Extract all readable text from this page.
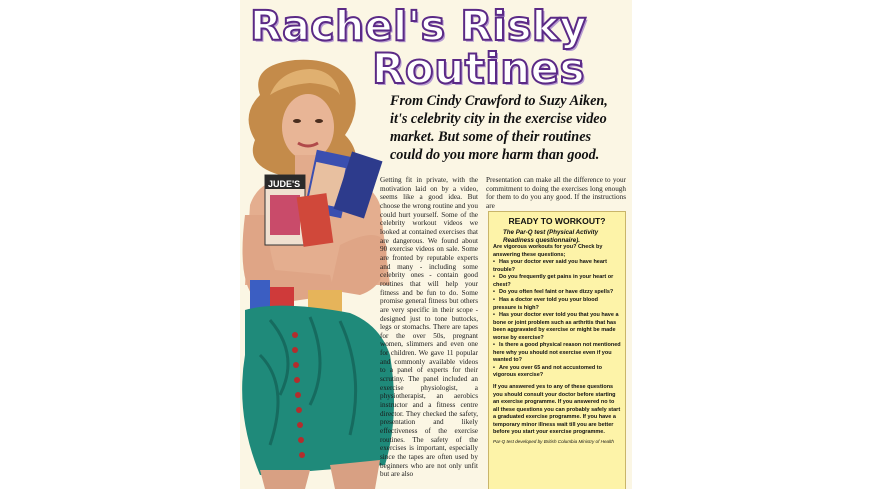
Rachel's Risky
Routines
From Cindy Crawford to Suzy Aiken, it's celebrity city in the exercise video market. But some of their routines could do you more harm than good.
JUDE'S	Getting fit in private, with the motivation laid on by a video, seems like a good idea. But choose the wrong routine and you could hurt yourself. Some of the celebrity workout videos we looked at contained exercises that are dangerous. We found about 90 exercise videos on sale. Some are fronted by reputable experts and many - including some celebrity ones - contain good routines that will help your fitness and be fun to do. Some promise general fitness but others are very specific in their scope - designed just to tone buttocks, legs or stomachs. There are tapes for the over 50s, pregnant women, slimmers and even one for children. We gave 11 popular and commonly available videos to a panel of experts for their scrutiny. The panel included an exercise physiologist, a physiotherapist, an aerobics instructor and a fitness centre director. They checked the safety, presentation and likely effectiveness of the exercise routines. The safety of the exercises is important, especially since the tapes are often used by beginners who are not only unfit but are also
Presentation can make all the difference to your commitment to doing the exercises long enough for them to do you any good. If the instructions are
READY TO WORKOUT?
The Par-Q test (Physical Activity Readiness questionnaire).
Are vigorous workouts for you? Check by answering these questions;
• Has your doctor ever said you have heart trouble?
• Do you frequently get pains in your heart or chest?
• Do you often feel faint or have dizzy spells?
• Has a doctor ever told you your blood pressure is high?
• Has your doctor ever told you that you have a bone or joint problem such as arthritis that has been aggravated by exercise or might be made worse by exercise?
• Is there a good physical reason not mentioned here why you should not exercise even if you wanted to?
• Are you over 65 and not accustomed to vigorous exercise?
If you answered yes to any of these questions you should consult your doctor before starting an exercise programme. If you answered no to all these questions you can probably safely start a graduated exercise programme. If you have a temporary minor illness wait till you are better before you start your exercise programme.
Par-Q test developed by British Columbia Ministry of Health
